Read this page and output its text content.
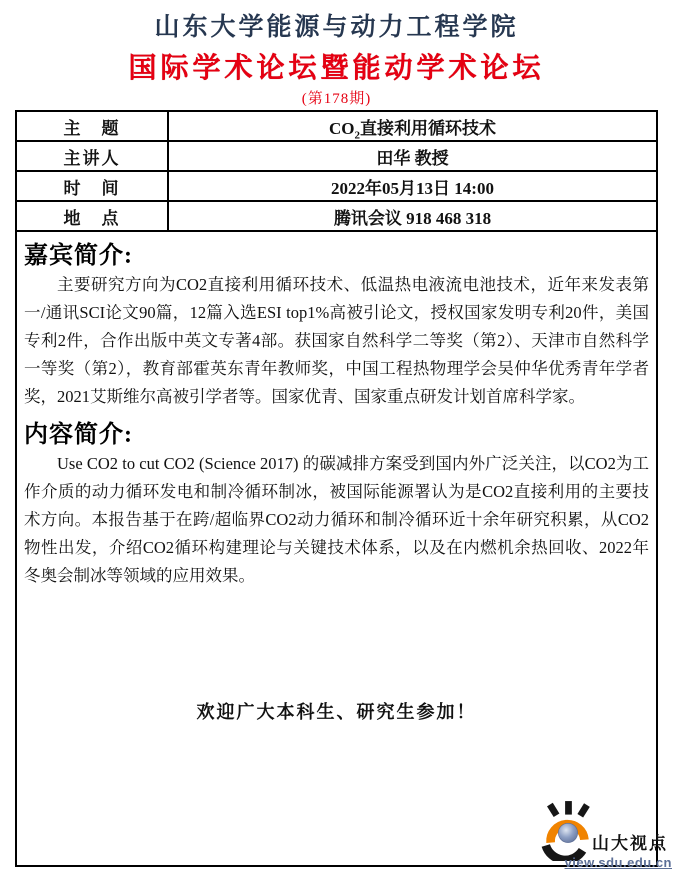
山东大学能源与动力工程学院
国际学术论坛暨能动学术论坛
(第178期)
主　题	$CO_2$直接利用循环技术
主讲人	田华 教授
时　间	2022年05月13日 14:00
地　点	腾讯会议 918 468 318
嘉宾简介:

主要研究方向为CO2直接利用循环技术、低温热电液流电池技术，近年来发表第一/通讯SCI论文90篇，12篇入选ESI top1%高被引论文，授权国家发明专利20件，美国专利2件，合作出版中英文专著4部。获国家自然科学二等奖（第2）、天津市自然科学一等奖（第2），教育部霍英东青年教师奖，中国工程热物理学会吴仲华优秀青年学者奖，2021艾斯维尔高被引学者等。国家优青、国家重点研发计划首席科学家。

内容简介:

Use CO2 to cut CO2 (Science 2017) 的碳减排方案受到国内外广泛关注，以CO2为工作介质的动力循环发电和制冷循环制冰，被国际能源署认为是CO2直接利用的主要技术方向。本报告基于在跨/超临界CO2动力循环和制冷循环近十余年研究积累，从CO2物性出发，介绍CO2循环构建理论与关键技术体系，以及在内燃机余热回收、2022年冬奥会制冰等领域的应用效果。

欢迎广大本科生、研究生参加！
山大视点
view.sdu.edu.cn
